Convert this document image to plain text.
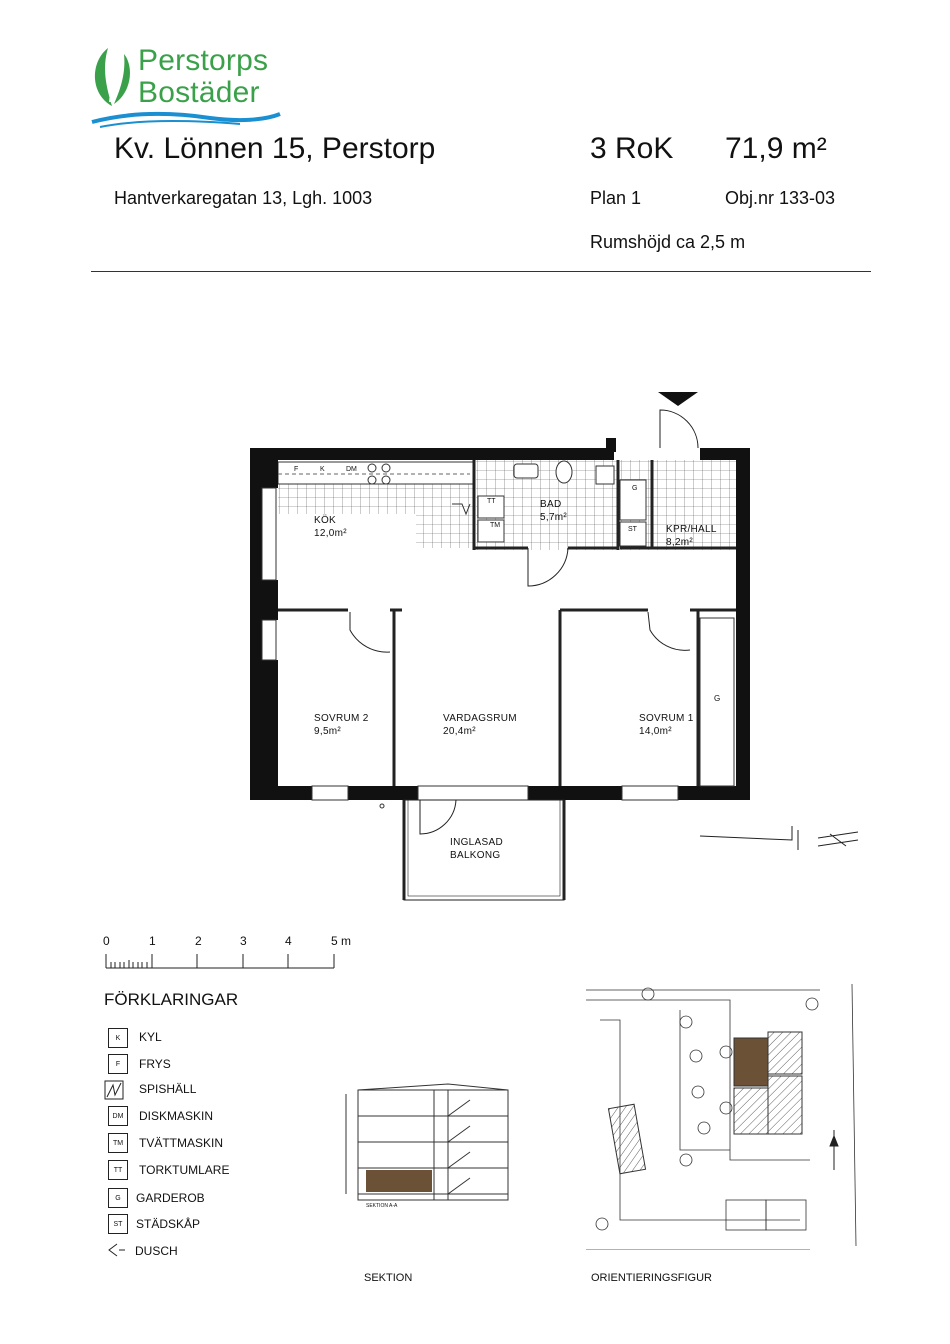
Perstorps
Bostäder
Kv. Lönnen 15, Perstorp	3 RoK 71,9 m²
Hantverkaregatan 13, Lgh. 1003	Plan 1	Obj.nr 133-03
Rumshöjd ca 2,5 m
KÖK
12,0m²
BAD
5,7m²
KPR/HALL
8,2m²
SOVRUM 2
9,5m²
VARDAGSRUM
20,4m²
SOVRUM 1
14,0m²
INGLASAD
BALKONG
F	K	DM
TT
TM
G
ST
G
0	1	2	3	4	5 m
FÖRKLARINGAR
K	KYL
F	FRYS
SPISHÄLL
DM	DISKMASKIN
TM	TVÄTTMASKIN
TT	TORKTUMLARE
G	GARDEROB
ST	STÄDSKÅP
DUSCH
SEKTION A-A
SEKTION	ORIENTIERINGSFIGUR
